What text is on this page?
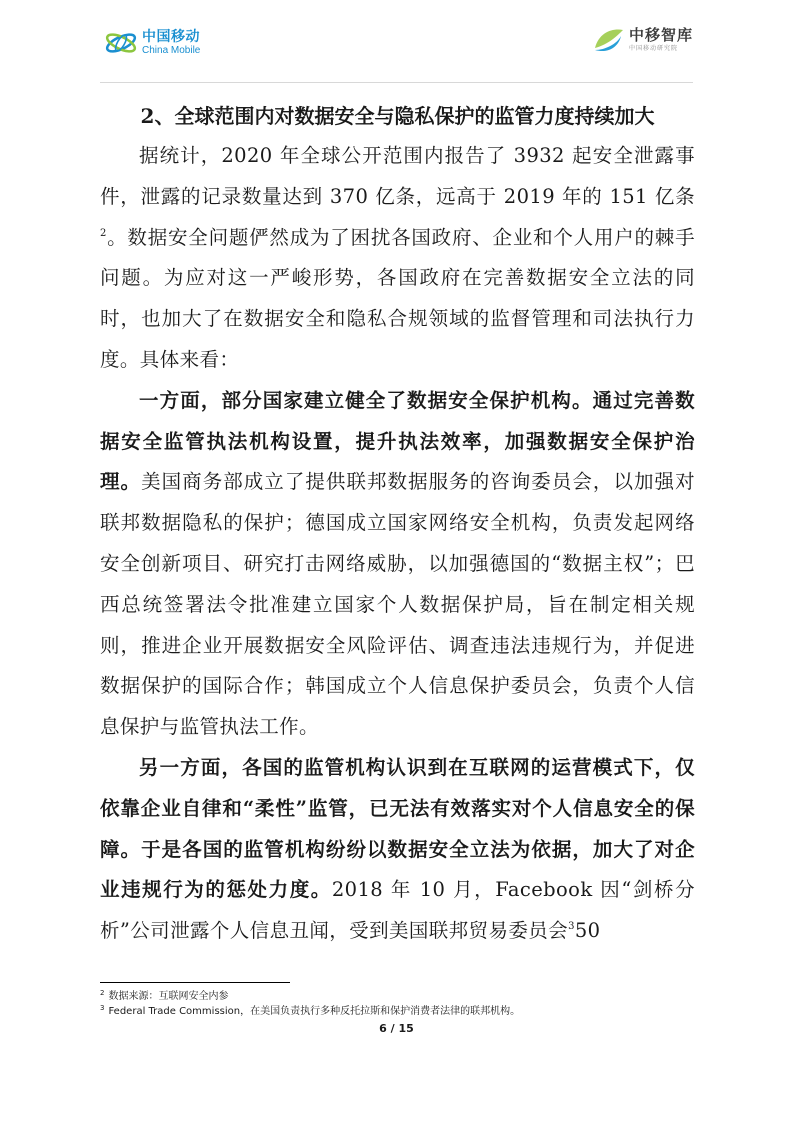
中国移动
China Mobile
中移智库
中国移动研究院

2、全球范围内对数据安全与隐私保护的监管力度持续加大

据统计，2020 年全球公开范围内报告了 3932 起安全泄露事件，泄露的记录数量达到 370 亿条，远高于 2019 年的 151 亿条$^2$。数据安全问题俨然成为了困扰各国政府、企业和个人用户的棘手问题。为应对这一严峻形势，各国政府在完善数据安全立法的同时，也加大了在数据安全和隐私合规领域的监督管理和司法执行力度。具体来看：

一方面，部分国家建立健全了数据安全保护机构。通过完善数据安全监管执法机构设置，提升执法效率，加强数据安全保护治理。美国商务部成立了提供联邦数据服务的咨询委员会，以加强对联邦数据隐私的保护；德国成立国家网络安全机构，负责发起网络安全创新项目、研究打击网络威胁，以加强德国的“数据主权”；巴西总统签署法令批准建立国家个人数据保护局，旨在制定相关规则，推进企业开展数据安全风险评估、调查违法违规行为，并促进数据保护的国际合作；韩国成立个人信息保护委员会，负责个人信息保护与监管执法工作。

另一方面，各国的监管机构认识到在互联网的运营模式下，仅依靠企业自律和“柔性”监管，已无法有效落实对个人信息安全的保障。于是各国的监管机构纷纷以数据安全立法为依据，加大了对企业违规行为的惩处力度。2018 年 10 月，Facebook 因“剑桥分析”公司泄露个人信息丑闻，受到美国联邦贸易委员会$^3$50

$^2$ 数据来源：互联网安全内参
$^3$ Federal Trade Commission，在美国负责执行多种反托拉斯和保护消费者法律的联邦机构。
6 / 15
